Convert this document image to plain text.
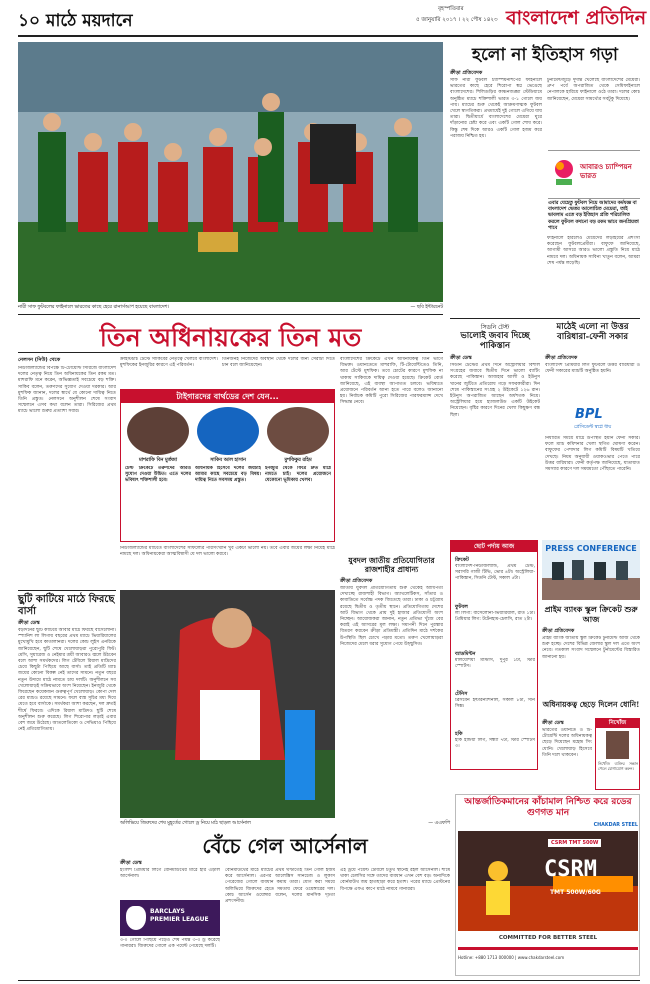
১০ মাঠে ময়দানে
বৃহস্পতিবার
৫ জানুয়ারি ২০১৭ । ২২ পৌষ ১৪২৩ বাংলাদেশ প্রতিদিন
নারী সাফ ফুটবলের ফাইনালে ভারতের কাছে হেরে রানার্সআপ হয়েছে বাংলাদেশ।	— ছবি ইন্টারনেট
হলো না ইতিহাস গড়া
ক্রীড়া প্রতিবেদক
সাফ নারী ফুটবল চ্যাম্পিয়নশিপের ফাইনালে ভারতের কাছে হেরে শিরোপা স্বপ্ন ভেঙেছে বাংলাদেশের। শিলিগুড়ির কাঞ্চনজঙ্ঘা স্টেডিয়ামে অনুষ্ঠিত ম্যাচে শক্তিশালী ভারত ৩-১ গোলে জয় পায়। ম্যাচের শুরু থেকেই আক্রমণাত্মক ফুটবল খেলে স্বাগতিকরা। প্রথমার্ধেই দুই গোলে এগিয়ে যায় তারা। দ্বিতীয়ার্ধে বাংলাদেশের মেয়েরা ঘুরে দাঁড়ানোর চেষ্টা করে এবং একটি গোল শোধ করে। কিন্তু শেষ দিকে আরও একটি গোল হজম করে পরাজয় নিশ্চিত হয়।
টুর্নামেন্টজুড়ে দুর্দান্ত খেলেছে বাংলাদেশের মেয়েরা। গ্রুপ পর্বে অপরাজিত থেকে সেমিফাইনালে নেপালকে হারিয়ে ফাইনালে ওঠে তারা। দলের কোচ জানিয়েছেন, মেয়েরা সামর্থ্যের সবটুকু দিয়েছে।
আবারও চ্যাম্পিয়ন ভারত
এবার যেহেতু ফুটবল নিয়ে আমাদের কর্মযজ্ঞ বা বাংলাদেশ ভেতর আলোচিত মেয়েরা, তাই ভাবলাম এতে বড় ইতিহাস প্রতি পরিচালিত করলে ফুটবল কখনো বড় রকম ভাবে জনপ্রিয়তা পাবে
ফাইনালে হারলেও মেয়েদের লড়াইয়ের প্রশংসা করেছেন ফুটবলপ্রেমীরা। বাফুফে জানিয়েছে, আগামী আসরে আরও ভালো প্রস্তুতি নিয়ে মাঠে নামবে দল। অধিনায়ক সাবিনা খাতুন বলেন, আমরা শেষ পর্যন্ত লড়েছি।
তিন অধিনায়কের তিন মত
নেলসন (নিউ) থেকে
নিউজিল্যান্ডের বিপক্ষে টি-টোয়েন্টি সিরিজে বাংলাদেশ দলের নেতৃত্ব নিয়ে তিন অধিনায়কের তিন রকম মত। মাশরাফি মনে করেন, অভিজ্ঞতাই সবচেয়ে বড় শক্তি। সাকিব বলেন, তরুণদের সুযোগ দেওয়া দরকার। আর মুশফিক জানান, দলের স্বার্থে যে কোনো দায়িত্ব নিতে তিনি প্রস্তুত। নেলসনে অনুশীলন শেষে সংবাদ সম্মেলনে এসব কথা বলেন তারা। সিরিজের প্রথম ম্যাচে ভালো শুরুর প্রত্যাশা সবার।
ক্রাইস্টচার্চ টেস্টে সাকিবের নেতৃত্বে খেলবে বাংলাদেশ। মুশফিকের ইনজুরির কারণে এই পরিবর্তন।
টাইগারদের বার্থডের দেশ যেন...
মাশরাফি বিন মুর্তজা	সাকিব আল হাসান	মুশফিকুর রহিম
টেস্ট ক্রিকেটে তরুণদের আরও সুযোগ দেওয়া উচিত। এতে দলের ভবিষ্যৎ শক্তিশালী হবে।
অধিনায়ক হিসেবে দলের জয়টাই আমার কাছে সবচেয়ে বড় বিষয়। দায়িত্ব নিতে সবসময় প্রস্তুত।
ইনজুরি থেকে ফিরে দ্রুত মাঠে নামতে চাই। দলের প্রয়োজনে যেকোনো ভূমিকায় খেলব।
তিনজনই নিজেদের অবস্থান থেকে দলের জন্য সেরাটা দিতে চান বলে জানিয়েছেন।
বাংলাদেশের ক্রিকেটে এখন অধিনায়কত্ব তিন ভাগে বিভক্ত। ওয়ানডেতে মাশরাফি, টি-টোয়েন্টিতেও তিনি, আর টেস্টে মুশফিক। তবে চোটের কারণে মুশফিক না থাকায় সাকিবকে দায়িত্ব দেওয়া হয়েছে। ক্রিকেট বোর্ড জানিয়েছে, এই ব্যবস্থা আপাতত চলবে। ভবিষ্যতে প্রয়োজনে পরিবর্তন আনা হতে পারে বলেও জানানো হয়। নির্বাচক কমিটি পুরো সিরিজের পারফরম্যান্স দেখে সিদ্ধান্ত নেবে।
নিউজিল্যান্ডের মাটিতে বাংলাদেশের সাফল্যের পরিসংখ্যান খুব একটা ভালো নয়। তবে এবার জয়ের লক্ষ্য নিয়েই মাঠে নামছে দল। অধিনায়কেরা আত্মবিশ্বাসী যে দল ভালো করবে।
ছুটি কাটিয়ে মাঠে ফিরছে বার্সা
ক্রীড়া ডেস্ক
বড়দিনের ছুটি কাটিয়ে আবার মাঠে ফিরছে বার্সেলোনা। স্প্যানিশ লা লিগায় বছরের প্রথম ম্যাচে ভিয়ারিয়ালের মুখোমুখি হবে কাতালানরা। দলের কোচ লুইস এনরিকে জানিয়েছেন, ছুটি শেষে খেলোয়াড়রা পুরোপুরি ফিট। মেসি, সুয়ারেজ ও নেইমার ত্রয়ী আবারও জ্বলে উঠবেন বলে আশা সমর্থকদের। লিগ টেবিলে রিয়াল মাদ্রিদের চেয়ে কিছুটা পিছিয়ে আছে বার্সা। তাই প্রতিটি ম্যাচ জয়ের কোনো বিকল্প নেই তাদের সামনে। নতুন বছরে নতুন উদ্যমে মাঠে নামতে চায় দলটি। অনুশীলনে সব খেলোয়াড়ই সক্রিয়ভাবে অংশ নিয়েছেন। ইনজুরি থেকে ফিরেছেন কয়েকজন গুরুত্বপূর্ণ খেলোয়াড়। কোপা দেল রের ম্যাচও রয়েছে সামনে। ফলে ব্যস্ত সূচির মধ্য দিয়ে যেতে হবে বার্সাকে। সমর্থকরা আশা করছেন, দল দ্রুতই শীর্ষে ফিরবে। এদিকে রিয়াল মাদ্রিদও ছুটি শেষে অনুশীলন শুরু করেছে। লিগ শিরোপার লড়াই এবার বেশ জমে উঠেছে। আতলেতিকো ও সেভিয়াও পিছিয়ে নেই প্রতিযোগিতায়।
অলিভিয়ে জিরুদের শেষ মুহূর্তের গোলে ড্র নিয়ে মাঠ ছাড়ল আর্সেনাল	— এএফপি
যুবদল জাতীয় প্রতিযোগিতার রাজশাহীর প্রাধান্য
ক্রীড়া প্রতিবেদক
জাতীয় যুবদল প্রতিযোগিতায় শুরু থেকেই আধিপত্য দেখাচ্ছে রাজশাহী বিভাগ। অ্যাথলেটিকস, সাঁতার ও কাবাডিতে সর্বোচ্চ পদক জিতেছে তারা। ঢাকা ও চট্টগ্রাম রয়েছে দ্বিতীয় ও তৃতীয় স্থানে। প্রতিযোগিতায় দেশের আট বিভাগ থেকে প্রায় দুই হাজার প্রতিযোগী অংশ নিচ্ছেন। আয়োজকরা জানান, নতুন প্রতিভা খুঁজে বের করাই এই আসরের মূল লক্ষ্য। সমাপনী দিনে পুরস্কার বিতরণ করবেন ক্রীড়া প্রতিমন্ত্রী। প্রতিদিন মাঠে দর্শকের উপস্থিতি ছিল চোখে পড়ার মতো। তরুণ খেলোয়াড়রা নিজেদের মেলে ধরার সুযোগ পেয়ে উচ্ছ্বসিত।
বেঁচে গেল আর্সেনাল
ক্রীড়া ডেস্ক
ইংলিশ প্রিমিয়ার লিগে বোর্নমাউথের মাঠে হার এড়াল আর্সেনাল।
BARCLAYS PREMIER LEAGUE
৩-০ গোলে পিছিয়ে পড়েও শেষ পর্যন্ত ৩-৩ ড্র করেছে গানাররা। জিরুদের গোলে এক পয়েন্ট পেয়েছে দলটি।
বোর্নমাউথের মাঠে ম্যাচের প্রথম ঘণ্টাতেই তিন গোল হজম করে আর্সেনাল। এরপর আলেক্সিস সানচেজ ও লুকাস পেরেজের গোলে ব্যবধান কমায় তারা। যোগ করা সময়ে অলিভিয়ে জিরুদের হেডে সমতায় ফেরে ওয়েঙ্গারের দল। কোচ আর্সেন ওয়েঙ্গার বলেন, দলের মানসিক দৃঢ়তা প্রশংসনীয়।
এই ড্রয়ে পয়েন্ট টেবিলে চতুর্থ স্থানেই রইল আর্সেনাল। শীর্ষে থাকা চেলসির সঙ্গে তাদের ব্যবধান এখন বেশ বড়। অন্যদিকে বোর্নমাউথ জয় হাতছাড়া করে হতাশ। পরের ম্যাচে প্রেস্টনের বিপক্ষে এফএ কাপে মাঠে নামবে গানাররা।
সিডনি টেস্ট
ভালোই জবাব দিচ্ছে পাকিস্তান
ক্রীড়া ডেস্ক
সিডনি টেস্টের প্রথম দিনে অস্ট্রেলিয়ার বিশাল সংগ্রহের জবাবে দ্বিতীয় দিনে ভালো ব্যাটিং করেছে পাকিস্তান। আজহার আলী ও ইউনুস খানের জুটিতে প্রতিরোধ গড়ে সফরকারীরা। দিন শেষে পাকিস্তানের সংগ্রহ ২ উইকেটে ১২৬ রান। ইউনুস অপরাজিত আছেন অর্ধশতক নিয়ে। অস্ট্রেলিয়ার হয়ে হ্যাজলউড একটি উইকেট নিয়েছেন। বৃষ্টির কারণে দিনের খেলা কিছুক্ষণ বন্ধ ছিল।
মাঠেই এলো না উত্তর বারিধারা-ফেনী সকার
ক্রীড়া প্রতিবেদক
বাংলাদেশ প্রিমিয়ার লিগ ফুটবলে উত্তর বারিধারা ও ফেনী সকারের ম্যাচটি অনুষ্ঠিত হয়নি।
BPL
প্রেসিডেন্ট স্বপ্নে ধায়
নির্ধারিত সময়ে মাঠে উপস্থিত হয়নি ফেনী সকার। ফলে ম্যাচ কমিশনার খেলা স্থগিত ঘোষণা করেন। বাফুফের পেশাদার লিগ কমিটি বিষয়টি খতিয়ে দেখছে। নিয়ম অনুযায়ী ওয়াকওভার পেতে পারে উত্তর বারিধারা। ফেনী কর্তৃপক্ষ জানিয়েছে, যাতায়াত সমস্যার কারণে দল সময়মতো পৌঁছাতে পারেনি।
ছোট পর্দায় আজ
ক্রিকেট
বাংলাদেশ-নিউজিল্যান্ড, প্রথম টেস্ট, সরাসরি গাজী টিভি, ভোর ৪টা। অস্ট্রেলিয়া-পাকিস্তান, সিডনি টেস্ট, সকাল ৫টা।
ফুটবল
লা লিগা: বার্সেলোনা-ভিয়ারিয়াল, রাত ১টা। প্রিমিয়ার লিগ: টটেনহাম-চেলসি, রাত ২টা।
ব্যাডমিন্টন
মালয়েশিয়া মাস্টার্স, দুপুর ১টা, স্টার স্পোর্টস।
টেনিস
ব্রিসবেন ইন্টারন্যাশনাল, সকাল ৮টা, সনি সিক্স।
হকি
হকি ইন্ডিয়া লিগ, সন্ধ্যা ৭টা, স্টার স্পোর্টস ৩।
PRESS CONFERENCE
প্রাইম ব্যাংক স্কুল ক্রিকেট শুরু আজ
ক্রীড়া প্রতিবেদক
প্রাইম ব্যাংক জাতীয় স্কুল ক্রিকেট টুর্নামেন্ট আজ থেকে শুরু হচ্ছে। দেশের বিভিন্ন জেলার স্কুল দল এতে অংশ নেবে। গতকাল সংবাদ সম্মেলনে টুর্নামেন্টের বিস্তারিত জানানো হয়।
অধিনায়কত্ব ছেড়ে দিলেন ধোনি!
ক্রীড়া ডেস্ক
ভারতের ওয়ানডে ও টি-টোয়েন্টি দলের অধিনায়কত্ব ছেড়ে দিয়েছেন মহেন্দ্র সিং ধোনি। খেলোয়াড় হিসেবে তিনি দলে থাকবেন।
নিখোঁজ
নিখোঁজ ব্যক্তির সন্ধান পেলে যোগাযোগ করুন।
আন্তর্জাতিকমানের কাঁচামাল নিশ্চিত করে রডের গুণগত মান
CHAKDAR STEEL
CSRM TMT 500W
CSRM
TMT 500W/60G
COMMITTED FOR BETTER STEEL
Hotline: +880 1713 000000 | www.chakdarsteel.com
